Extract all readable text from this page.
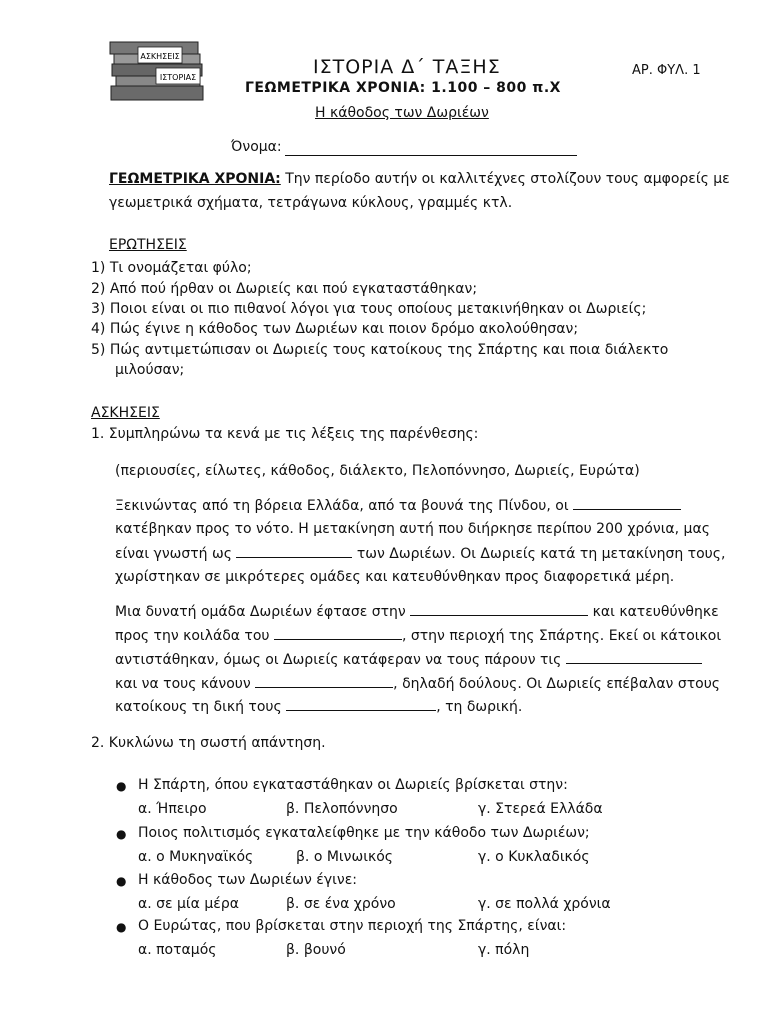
ΑΣΚΗΣΕΙΣ
ΙΣΤΟΡΙΑΣ	ΙΣΤΟΡΙΑ Δ΄ ΤΑΞΗΣ	ΑΡ. ΦΥΛ. 1
ΓΕΩΜΕΤΡΙΚΑ ΧΡΟΝΙΑ: 1.100 – 800 π.Χ
Η κάθοδος των Δωριέων
Όνομα:
ΓΕΩΜΕΤΡΙΚΑ ΧΡΟΝΙΑ: Την περίοδο αυτήν οι καλλιτέχνες στολίζουν τους αμφορείς με
γεωμετρικά σχήματα, τετράγωνα κύκλους, γραμμές κτλ.
ΕΡΩΤΗΣΕΙΣ
1) Τι ονομάζεται φύλο;
2) Από πού ήρθαν οι Δωριείς και πού εγκαταστάθηκαν;
3) Ποιοι είναι οι πιο πιθανοί λόγοι για τους οποίους μετακινήθηκαν οι Δωριείς;
4) Πώς έγινε η κάθοδος των Δωριέων και ποιον δρόμο ακολούθησαν;
5) Πώς αντιμετώπισαν οι Δωριείς τους κατοίκους της Σπάρτης και ποια διάλεκτο
μιλούσαν;
ΑΣΚΗΣΕΙΣ
1. Συμπληρώνω τα κενά με τις λέξεις της παρένθεσης:
(περιουσίες, είλωτες, κάθοδος, διάλεκτο, Πελοπόννησο, Δωριείς, Ευρώτα)
Ξεκινώντας από τη βόρεια Ελλάδα, από τα βουνά της Πίνδου, οι
κατέβηκαν προς το νότο. Η μετακίνηση αυτή που διήρκησε περίπου 200 χρόνια, μας
είναι γνωστή ως	των Δωριέων. Οι Δωριείς κατά τη μετακίνηση τους,
χωρίστηκαν σε μικρότερες ομάδες και κατευθύνθηκαν προς διαφορετικά μέρη.
Μια δυνατή ομάδα Δωριέων έφτασε στην	και κατευθύνθηκε
προς την κοιλάδα του	, στην περιοχή της Σπάρτης. Εκεί οι κάτοικοι
αντιστάθηκαν, όμως οι Δωριείς κατάφεραν να τους πάρουν τις
και να τους κάνουν	, δηλαδή δούλους. Οι Δωριείς επέβαλαν στους
κατοίκους τη δική τους	, τη δωρική.
2. Κυκλώνω τη σωστή απάντηση.
● Η Σπάρτη, όπου εγκαταστάθηκαν οι Δωριείς βρίσκεται στην:
α. Ήπειρο	β. Πελοπόννησο	γ. Στερεά Ελλάδα
● Ποιος πολιτισμός εγκαταλείφθηκε με την κάθοδο των Δωριέων;
α. ο Μυκηναϊκός	β. ο Μινωικός	γ. ο Κυκλαδικός
● Η κάθοδος των Δωριέων έγινε:
α. σε μία μέρα	β. σε ένα χρόνο	γ. σε πολλά χρόνια
● Ο Ευρώτας, που βρίσκεται στην περιοχή της Σπάρτης, είναι:
α. ποταμός	β. βουνό	γ. πόλη
